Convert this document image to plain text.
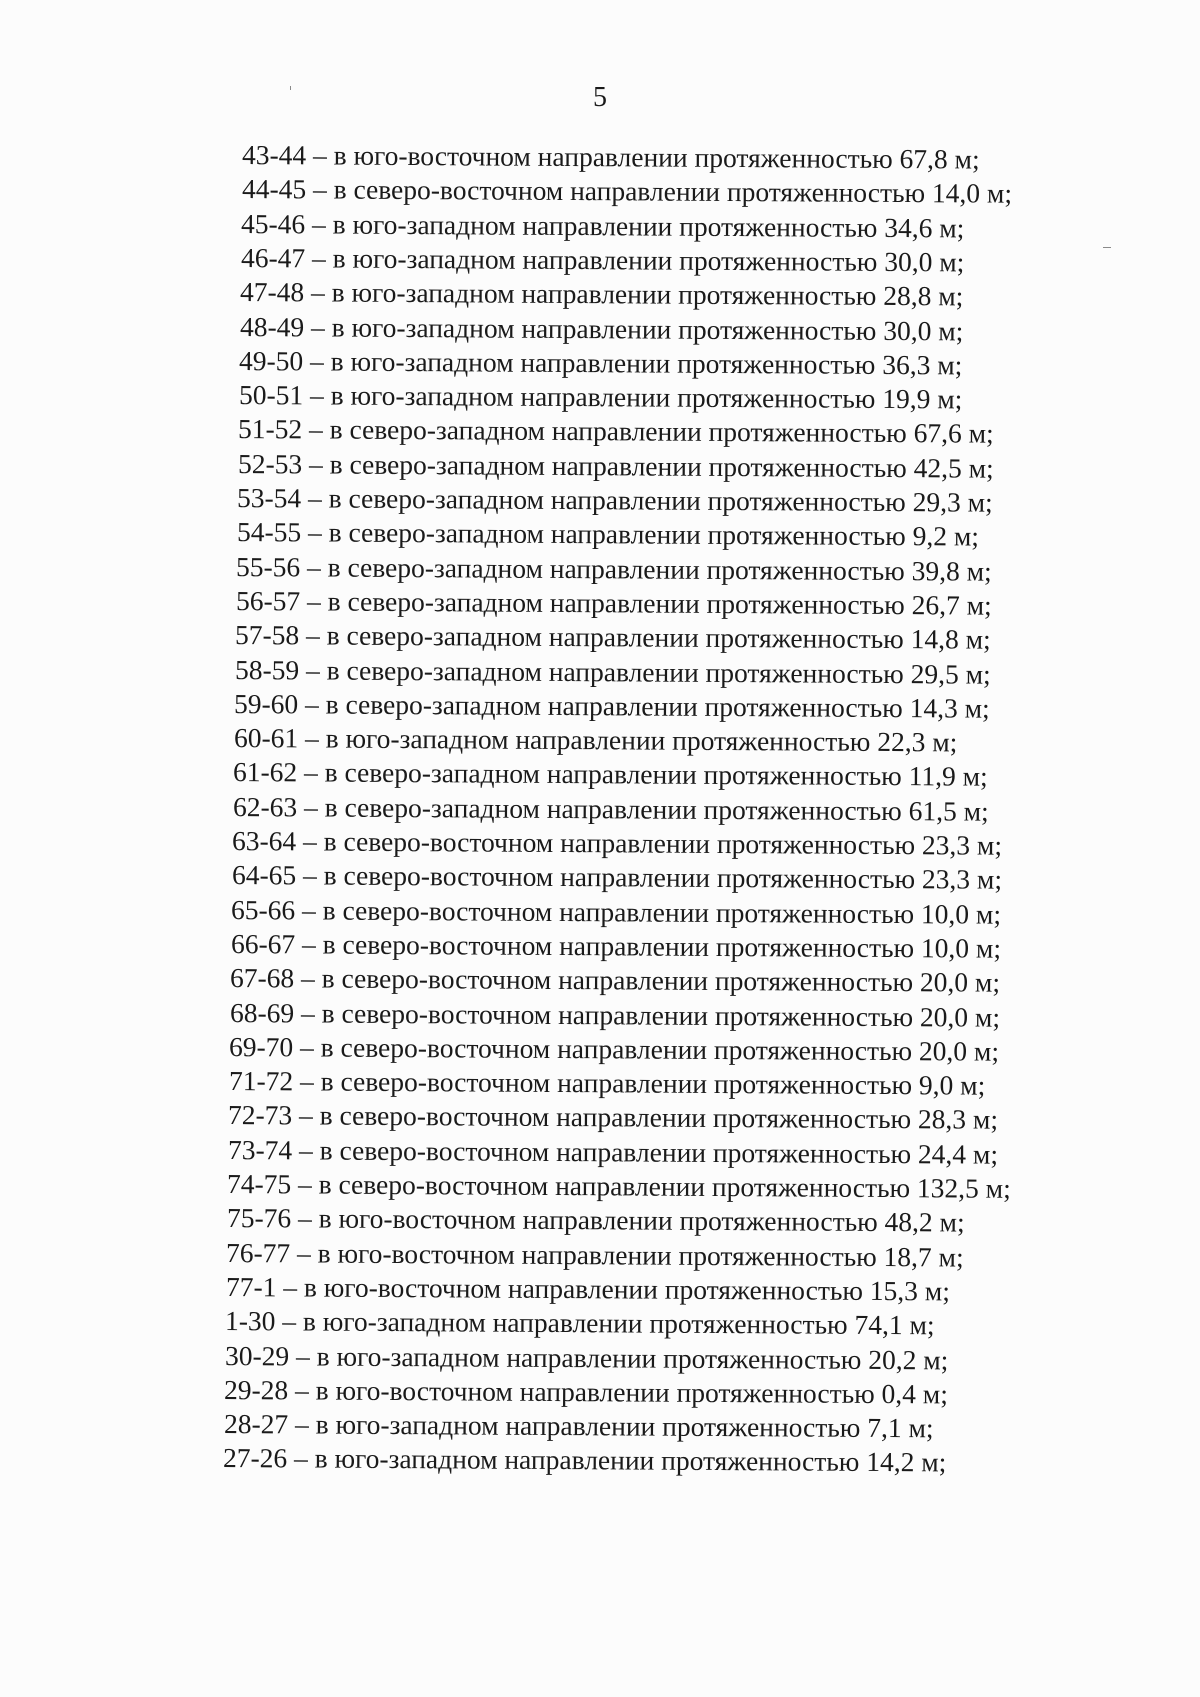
5
43-44 – в юго-восточном направлении протяженностью 67,8 м;
44-45 – в северо-восточном направлении протяженностью 14,0 м;
45-46 – в юго-западном направлении протяженностью 34,6 м;
46-47 – в юго-западном направлении протяженностью 30,0 м;
47-48 – в юго-западном направлении протяженностью 28,8 м;
48-49 – в юго-западном направлении протяженностью 30,0 м;
49-50 – в юго-западном направлении протяженностью 36,3 м;
50-51 – в юго-западном направлении протяженностью 19,9 м;
51-52 – в северо-западном направлении протяженностью 67,6 м;
52-53 – в северо-западном направлении протяженностью 42,5 м;
53-54 – в северо-западном направлении протяженностью 29,3 м;
54-55 – в северо-западном направлении протяженностью 9,2 м;
55-56 – в северо-западном направлении протяженностью 39,8 м;
56-57 – в северо-западном направлении протяженностью 26,7 м;
57-58 – в северо-западном направлении протяженностью 14,8 м;
58-59 – в северо-западном направлении протяженностью 29,5 м;
59-60 – в северо-западном направлении протяженностью 14,3 м;
60-61 – в юго-западном направлении протяженностью 22,3 м;
61-62 – в северо-западном направлении протяженностью 11,9 м;
62-63 – в северо-западном направлении протяженностью 61,5 м;
63-64 – в северо-восточном направлении протяженностью 23,3 м;
64-65 – в северо-восточном направлении протяженностью 23,3 м;
65-66 – в северо-восточном направлении протяженностью 10,0 м;
66-67 – в северо-восточном направлении протяженностью 10,0 м;
67-68 – в северо-восточном направлении протяженностью 20,0 м;
68-69 – в северо-восточном направлении протяженностью 20,0 м;
69-70 – в северо-восточном направлении протяженностью 20,0 м;
71-72 – в северо-восточном направлении протяженностью 9,0 м;
72-73 – в северо-восточном направлении протяженностью 28,3 м;
73-74 – в северо-восточном направлении протяженностью 24,4 м;
74-75 – в северо-восточном направлении протяженностью 132,5 м;
75-76 – в юго-восточном направлении протяженностью 48,2 м;
76-77 – в юго-восточном направлении протяженностью 18,7 м;
77-1 – в юго-восточном направлении протяженностью 15,3 м;
1-30 – в юго-западном направлении протяженностью 74,1 м;
30-29 – в юго-западном направлении протяженностью 20,2 м;
29-28 – в юго-восточном направлении протяженностью 0,4 м;
28-27 – в юго-западном направлении протяженностью 7,1 м;
27-26 – в юго-западном направлении протяженностью 14,2 м;
